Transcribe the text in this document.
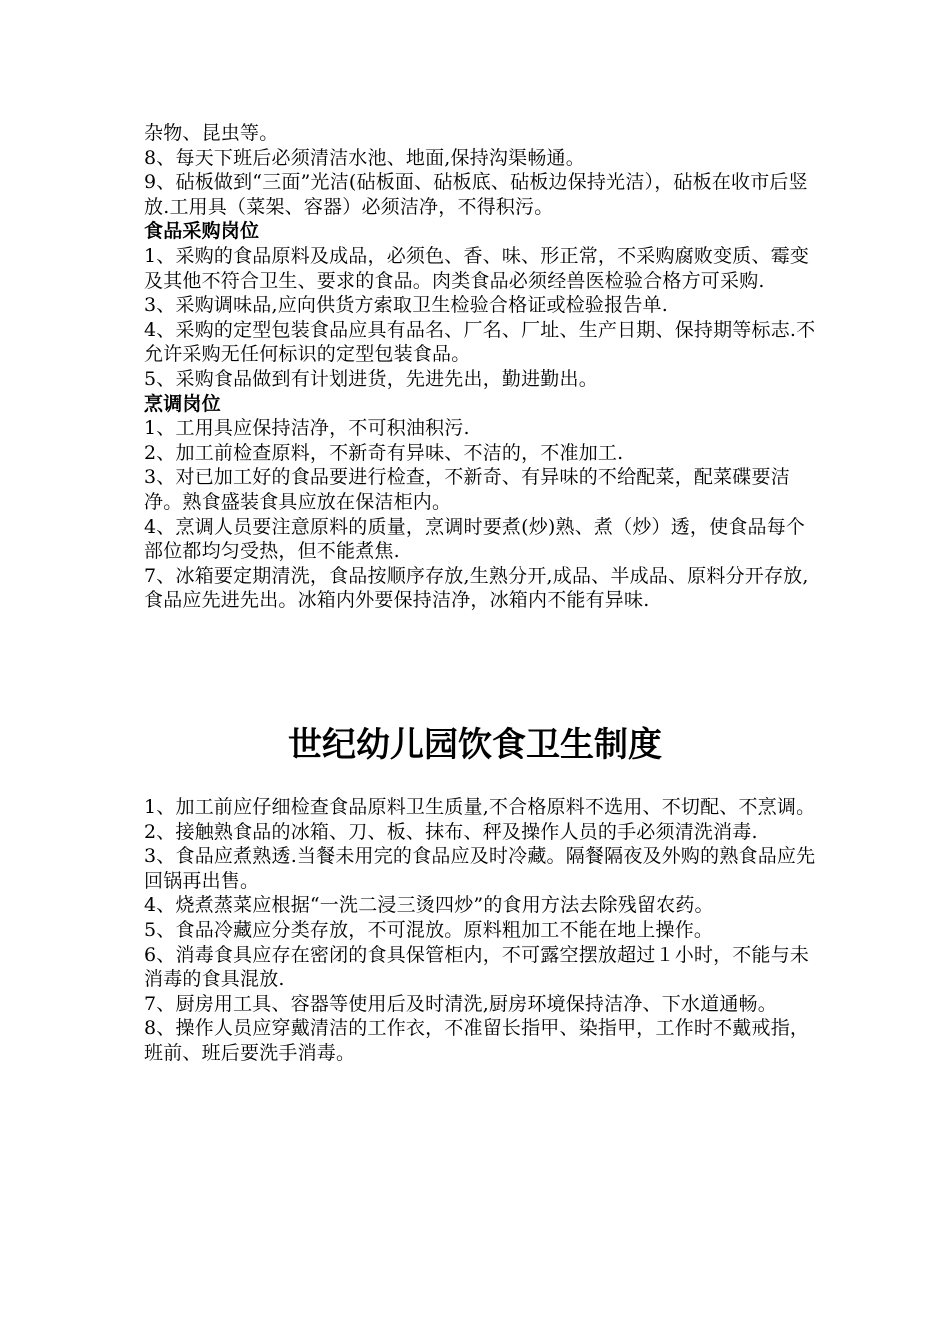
杂物、昆虫等。

8、每天下班后必须清洁水池、地面,保持沟渠畅通。

9、砧板做到“三面”光洁(砧板面、砧板底、砧板边保持光洁），砧板在收市后竖放.工用具（菜架、容器）必须洁净，不得积污。

食品采购岗位

1、采购的食品原料及成品，必须色、香、味、形正常，不采购腐败变质、霉变及其他不符合卫生、要求的食品。肉类食品必须经兽医检验合格方可采购.

3、采购调味品,应向供货方索取卫生检验合格证或检验报告单.

4、采购的定型包装食品应具有品名、厂名、厂址、生产日期、保持期等标志.不允许采购无任何标识的定型包装食品。

5、采购食品做到有计划进货，先进先出，勤进勤出。

烹调岗位

1、工用具应保持洁净，不可积油积污.

2、加工前检查原料，不新奇有异味、不洁的，不准加工.

3、对已加工好的食品要进行检查，不新奇、有异味的不给配菜，配菜碟要洁净。熟食盛装食具应放在保洁柜内。

4、烹调人员要注意原料的质量，烹调时要煮(炒)熟、煮（炒）透，使食品每个部位都均匀受热，但不能煮焦.

7、冰箱要定期清洗，食品按顺序存放,生熟分开,成品、半成品、原料分开存放,食品应先进先出。冰箱内外要保持洁净，冰箱内不能有异味.

世纪幼儿园饮食卫生制度

1、加工前应仔细检查食品原料卫生质量,不合格原料不选用、不切配、不烹调。

2、接触熟食品的冰箱、刀、板、抹布、秤及操作人员的手必须清洗消毒.

3、食品应煮熟透.当餐未用完的食品应及时冷藏。隔餐隔夜及外购的熟食品应先回锅再出售。

4、烧煮蒸菜应根据“一洗二浸三烫四炒”的食用方法去除残留农药。

5、食品冷藏应分类存放，不可混放。原料粗加工不能在地上操作。

6、消毒食具应存在密闭的食具保管柜内，不可露空摆放超过１小时，不能与未消毒的食具混放.

7、厨房用工具、容器等使用后及时清洗,厨房环境保持洁净、下水道通畅。

8、操作人员应穿戴清洁的工作衣，不准留长指甲、染指甲，工作时不戴戒指，班前、班后要洗手消毒。
